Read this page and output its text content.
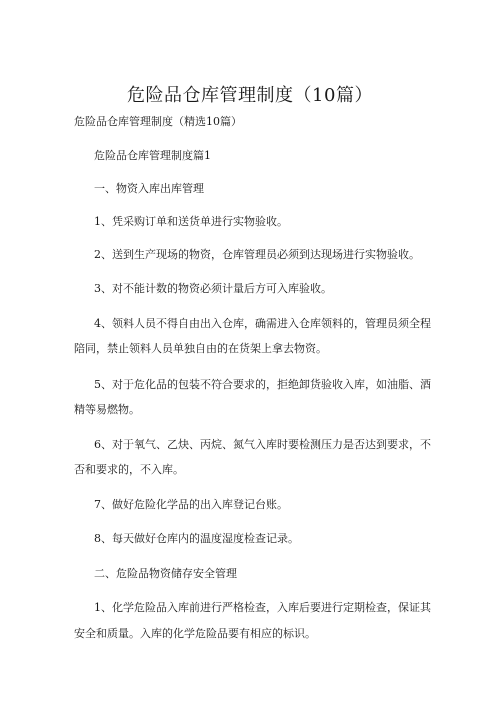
危险品仓库管理制度（10篇）
危险品仓库管理制度（精选10篇）
危险品仓库管理制度篇1
一、物资入库出库管理
1、凭采购订单和送货单进行实物验收。
2、送到生产现场的物资，仓库管理员必须到达现场进行实物验收。
3、对不能计数的物资必须计量后方可入库验收。
4、领料人员不得自由出入仓库，确需进入仓库领料的，管理员须全程
陪同，禁止领料人员单独自由的在货架上拿去物资。
5、对于危化品的包装不符合要求的，拒绝卸货验收入库，如油脂、酒
精等易燃物。
6、对于氧气、乙炔、丙烷、氮气入库时要检测压力是否达到要求，不
否和要求的，不入库。
7、做好危险化学品的出入库登记台账。
8、每天做好仓库内的温度湿度检查记录。
二、危险品物资储存安全管理
1、化学危险品入库前进行严格检查，入库后要进行定期检查，保证其
安全和质量。入库的化学危险品要有相应的标识。
